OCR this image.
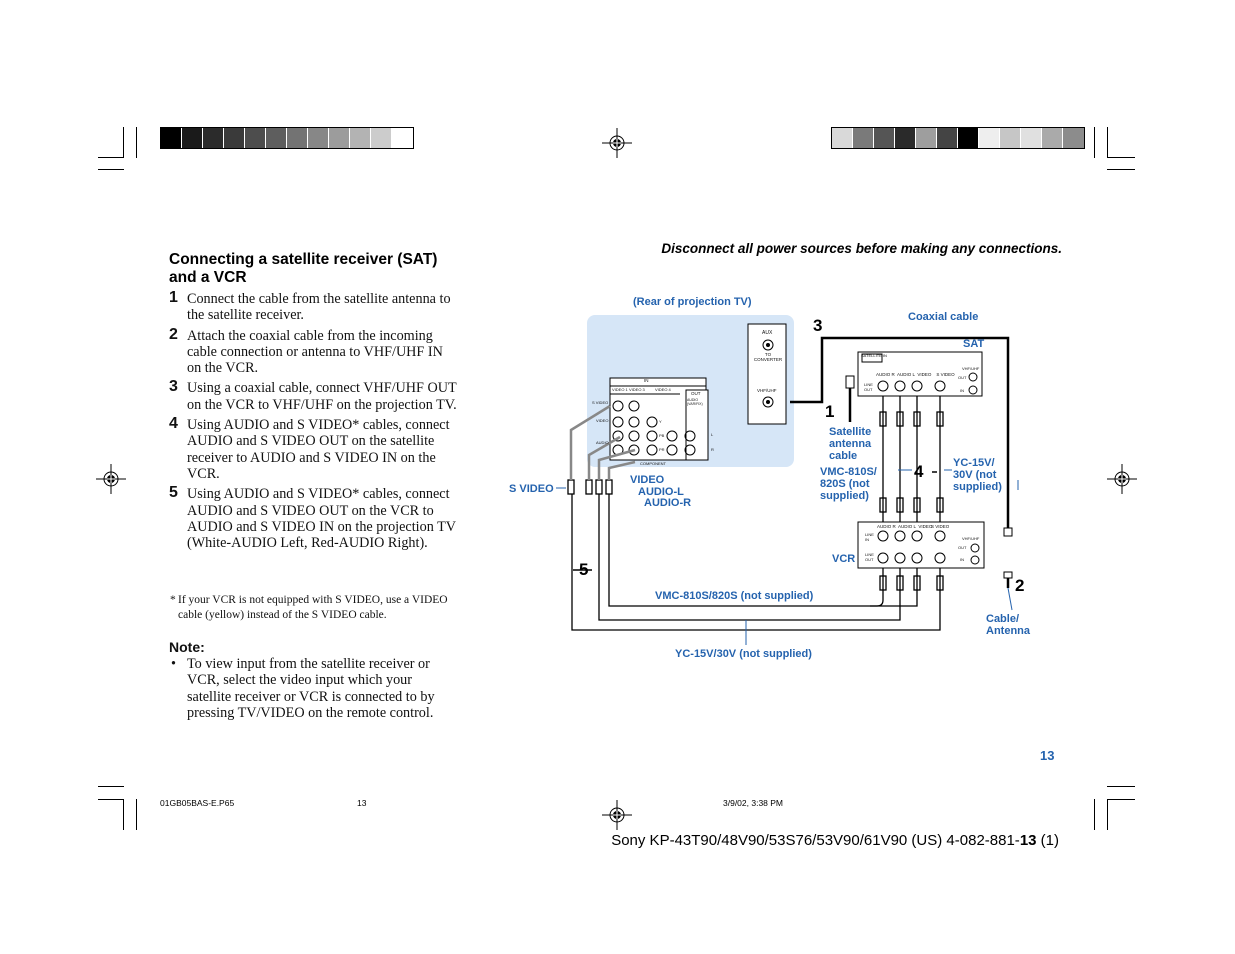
Connecting a satellite receiver (SAT) and a VCR
Disconnect all power sources before making any connections.
1 Connect the cable from the satellite antenna to the satellite receiver.
2 Attach the coaxial cable from the incoming cable connection or antenna to VHF/UHF IN on the VCR.
3 Using a coaxial cable, connect VHF/UHF OUT on the VCR to VHF/UHF on the projection TV.
4 Using AUDIO and S VIDEO* cables, connect AUDIO and S VIDEO OUT on the satellite receiver to AUDIO and S VIDEO IN on the VCR.
5 Using AUDIO and S VIDEO* cables, connect AUDIO and S VIDEO OUT on the VCR to AUDIO and S VIDEO IN on the projection TV (White-AUDIO Left, Red-AUDIO Right).
* If your VCR is not equipped with S VIDEO, use a VIDEO cable (yellow) instead of the S VIDEO cable.
Note:
• To view input from the satellite receiver or VCR, select the video input which your satellite receiver or VCR is connected to by pressing TV/VIDEO on the remote control.
AUX
TO CONVERTER
VHF/UHF
IN
OUT
AUDIO (VAR/FIX)
VIDEO 1 VIDEO 3	VIDEO 4
S VIDEO
VIDEO
AUDIO
COMPONENT
Y
PB
PR
L
R
SATELLITE IN
AUDIO R  AUDIO L  VIDEO    S VIDEO
LINE OUT
VHF/UHF
OUT
IN
AUDIO R  AUDIO L  VIDEO
S VIDEO
LINE IN
LINE OUT
VHF/UHF
OUT
IN
(Rear of projection TV)
Coaxial cable
SAT
Satellite antenna cable
VMC-810S/ 820S (not supplied)
YC-15V/ 30V (not supplied)
VCR
S VIDEO
VIDEO
AUDIO-L
AUDIO-R
VMC-810S/820S (not supplied)
YC-15V/30V (not supplied)
Cable/ Antenna
1
2
3
4
5
13
01GB05BAS-E.P65	13	3/9/02, 3:38 PM
Sony KP-43T90/48V90/53S76/53V90/61V90 (US) 4-082-881-13 (1)
